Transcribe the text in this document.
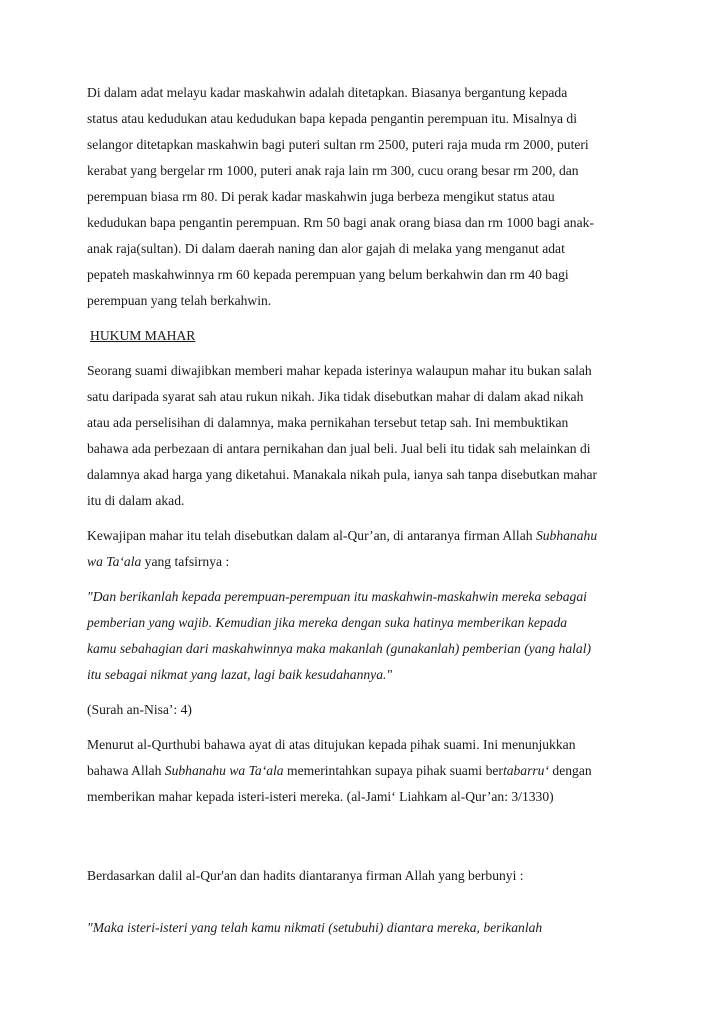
Di dalam adat melayu kadar maskahwin adalah ditetapkan. Biasanya bergantung kepada
status atau kedudukan atau kedudukan bapa kepada pengantin perempuan itu. Misalnya di
selangor ditetapkan maskahwin bagi puteri sultan rm 2500, puteri raja muda rm 2000, puteri
kerabat yang bergelar rm 1000, puteri anak raja lain rm 300, cucu orang besar rm 200, dan
perempuan biasa rm 80. Di perak kadar maskahwin juga berbeza mengikut status atau
kedudukan bapa pengantin perempuan. Rm 50 bagi anak orang biasa dan rm 1000 bagi anak-
anak raja(sultan). Di dalam daerah naning dan alor gajah di melaka yang menganut adat
pepateh maskahwinnya rm 60 kepada perempuan yang belum berkahwin dan rm 40 bagi
perempuan yang telah berkahwin.

HUKUM MAHAR

Seorang suami diwajibkan memberi mahar kepada isterinya walaupun mahar itu bukan salah
satu daripada syarat sah atau rukun nikah. Jika tidak disebutkan mahar di dalam akad nikah
atau ada perselisihan di dalamnya, maka pernikahan tersebut tetap sah. Ini membuktikan
bahawa ada perbezaan di antara pernikahan dan jual beli. Jual beli itu tidak sah melainkan di
dalamnya akad harga yang diketahui. Manakala nikah pula, ianya sah tanpa disebutkan mahar
itu di dalam akad.

Kewajipan mahar itu telah disebutkan dalam al-Qur’an, di antaranya firman Allah Subhanahu
wa Ta‘ala yang tafsirnya :

"Dan berikanlah kepada perempuan-perempuan itu maskahwin-maskahwin mereka sebagai
pemberian yang wajib. Kemudian jika mereka dengan suka hatinya memberikan kepada
kamu sebahagian dari maskahwinnya maka makanlah (gunakanlah) pemberian (yang halal)
itu sebagai nikmat yang lazat, lagi baik kesudahannya."

(Surah an-Nisa’: 4)

Menurut al-Qurthubi bahawa ayat di atas ditujukan kepada pihak suami. Ini menunjukkan
bahawa Allah Subhanahu wa Ta‘ala memerintahkan supaya pihak suami bertabarru‘ dengan
memberikan mahar kepada isteri-isteri mereka. (al-Jami‘ Liahkam al-Qur’an: 3/1330)

Berdasarkan dalil al-Qur'an dan hadits diantaranya firman Allah yang berbunyi :

"Maka isteri-isteri yang telah kamu nikmati (setubuhi) diantara mereka, berikanlah
